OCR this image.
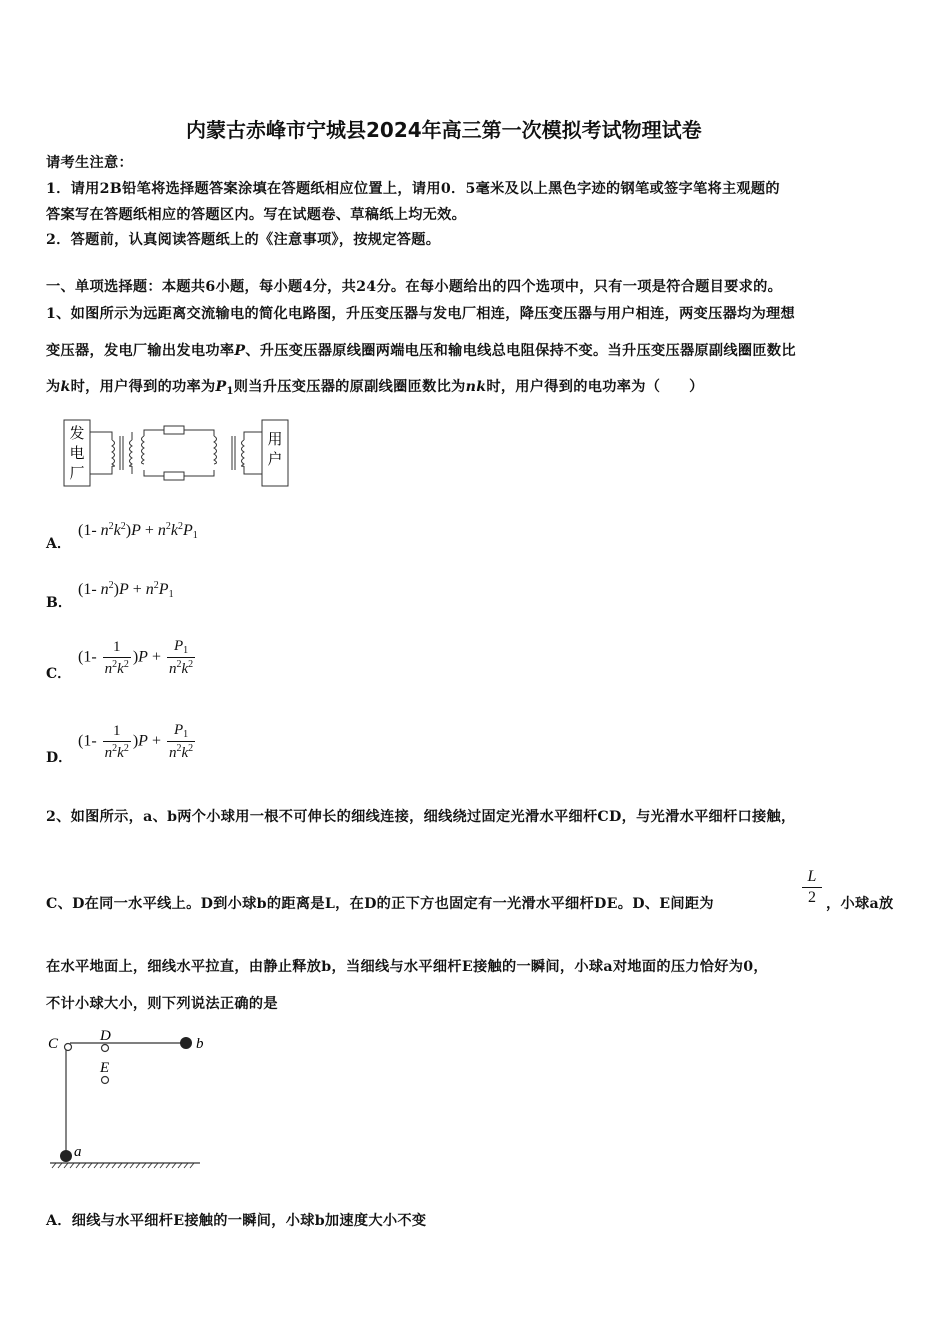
内蒙古赤峰市宁城县2024年高三第一次模拟考试物理试卷
请考生注意：
1．请用2B铅笔将选择题答案涂填在答题纸相应位置上，请用0．5毫米及以上黑色字迹的钢笔或签字笔将主观题的
答案写在答题纸相应的答题区内。写在试题卷、草稿纸上均无效。
2．答题前，认真阅读答题纸上的《注意事项》，按规定答题。
一、单项选择题：本题共6小题，每小题4分，共24分。在每小题给出的四个选项中，只有一项是符合题目要求的。
1、如图所示为远距离交流输电的简化电路图，升压变压器与发电厂相连，降压变压器与用户相连，两变压器均为理想
变压器，发电厂输出发电功率P、升压变压器原线圈两端电压和输电线总电阻保持不变。当升压变压器原副线圈匝数比
为k时，用户得到的功率为$P_1$则当升压变压器的原副线圈匝数比为nk时，用户得到的电功率为（　　）
发
电
厂
用
户
A．
(1- $n^2k^2)P + n^2k^2P_1$
B．
(1- $n^2)P + n^2P_1$
C．
$(1- \frac{1}{n^2k^2} )P + \frac{P_1}{n^2k^2}$
D．
$(1- \frac{1}{n^2k^2} )P + \frac{P_1}{n^2k^2}$
2、如图所示，a、b两个小球用一根不可伸长的细线连接，细线绕过固定光滑水平细杆CD，与光滑水平细杆口接触，
C、D在同一水平线上。D到小球b的距离是L，在D的正下方也固定有一光滑水平细杆DE。D、E间距为	$\frac{L}{2}$ ，小球a放
在水平地面上，细线水平拉直，由静止释放b，当细线与水平细杆E接触的一瞬间，小球a对地面的压力恰好为0，
不计小球大小，则下列说法正确的是
C	D
E
b
a
A．细线与水平细杆E接触的一瞬间，小球b加速度大小不变
